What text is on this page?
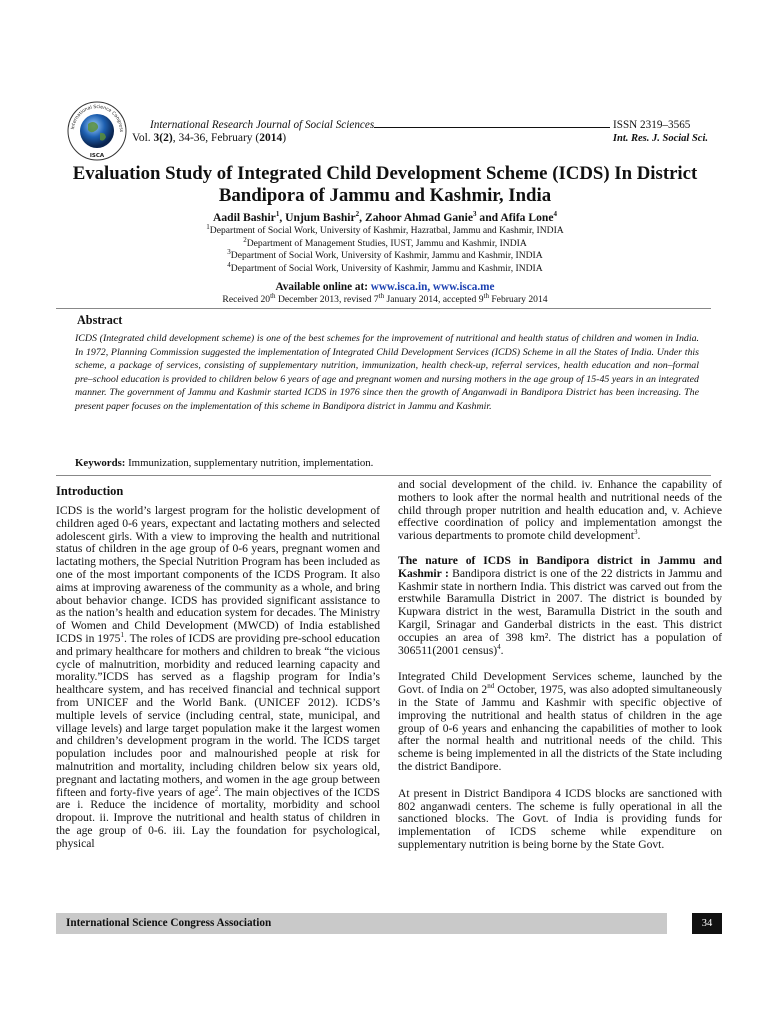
International Science Congress
ISCA
International Research Journal of Social Sciences	ISSN 2319–3565
Vol. 3(2), 34-36, February (2014)	Int. Res. J. Social Sci.
Evaluation Study of Integrated Child Development Scheme (ICDS) In District Bandipora of Jammu and Kashmir, India
Aadil Bashir$^1$, Unjum Bashir$^2$, Zahoor Ahmad Ganie$^3$ and Afifa Lone$^4$
$^1$Department of Social Work, University of Kashmir, Hazratbal, Jammu and Kashmir, INDIA
$^2$Department of Management Studies, IUST, Jammu and Kashmir, INDIA
$^3$Department of Social Work, University of Kashmir, Jammu and Kashmir, INDIA
$^4$Department of Social Work, University of Kashmir, Jammu and Kashmir, INDIA
Available online at: www.isca.in, www.isca.me
Received 20th December 2013, revised 7th January 2014, accepted 9th February 2014
Abstract
ICDS (Integrated child development scheme) is one of the best schemes for the improvement of nutritional and health status of children and women in India. In 1972, Planning Commission suggested the implementation of Integrated Child Development Services (ICDS) Scheme in all the States of India. Under this scheme, a package of services, consisting of supplementary nutrition, immunization, health check-up, referral services, health education and non–formal pre–school education is provided to children below 6 years of age and pregnant women and nursing mothers in the age group of 15-45 years in an integrated manner. The government of Jammu and Kashmir started ICDS in 1976 since then the growth of Anganwadi in Bandipora District has been increasing. The present paper focuses on the implementation of this scheme in Bandipora district in Jammu and Kashmir.
Keywords: Immunization, supplementary nutrition, implementation.
Introduction

ICDS is the world’s largest program for the holistic development of children aged 0-6 years, expectant and lactating mothers and selected adolescent girls. With a view to improving the health and nutritional status of children in the age group of 0-6 years, pregnant women and lactating mothers, the Special Nutrition Program has been included as one of the most important components of the ICDS Program. It also aims at improving awareness of the community as a whole, and bring about behavior change. ICDS has provided significant assistance to as the nation’s health and education system for decades. The Ministry of Women and Child Development (MWCD) of India established ICDS in 1975$^1$. The roles of ICDS are providing pre-school education and primary healthcare for mothers and children to break “the vicious cycle of malnutrition, morbidity and reduced learning capacity and morality.”ICDS has served as a flagship program for India’s healthcare system, and has received financial and technical support from UNICEF and the World Bank. (UNICEF 2012). ICDS’s multiple levels of service (including central, state, municipal, and village levels) and large target population make it the largest women and children’s development program in the world. The ICDS target population includes poor and malnourished people at risk for malnutrition and mortality, including children below six years old, pregnant and lactating mothers, and women in the age group between fifteen and forty-five years of age$^2$. The main objectives of the ICDS are i. Reduce the incidence of mortality, morbidity and school dropout. ii. Improve the nutritional and health status of children in the age group of 0-6. iii. Lay the foundation for psychological, physical

and social development of the child. iv. Enhance the capability of mothers to look after the normal health and nutritional needs of the child through proper nutrition and health education and, v. Achieve effective coordination of policy and implementation amongst the various departments to promote child development$^3$.

The nature of ICDS in Bandipora district in Jammu and Kashmir : Bandipora district is one of the 22 districts in Jammu and Kashmir state in northern India. This district was carved out from the erstwhile Baramulla District in 2007. The district is bounded by Kupwara district in the west, Baramulla District in the south and Kargil, Srinagar and Ganderbal districts in the east. This district occupies an area of 398 km². The district has a population of 306511(2001 census)$^4$.

Integrated Child Development Services scheme, launched by the Govt. of India on 2nd October, 1975, was also adopted simultaneously in the State of Jammu and Kashmir with specific objective of improving the nutritional and health status of children in the age group of 0-6 years and enhancing the capabilities of mother to look after the normal health and nutritional needs of the child. This scheme is being implemented in all the districts of the State including the district Bandipore.

At present in District Bandipora 4 ICDS blocks are sanctioned with 802 anganwadi centers. The scheme is fully operational in all the sanctioned blocks. The Govt. of India is providing funds for implementation of ICDS scheme while expenditure on supplementary nutrition is being borne by the State Govt.

International Science Congress Association	34
